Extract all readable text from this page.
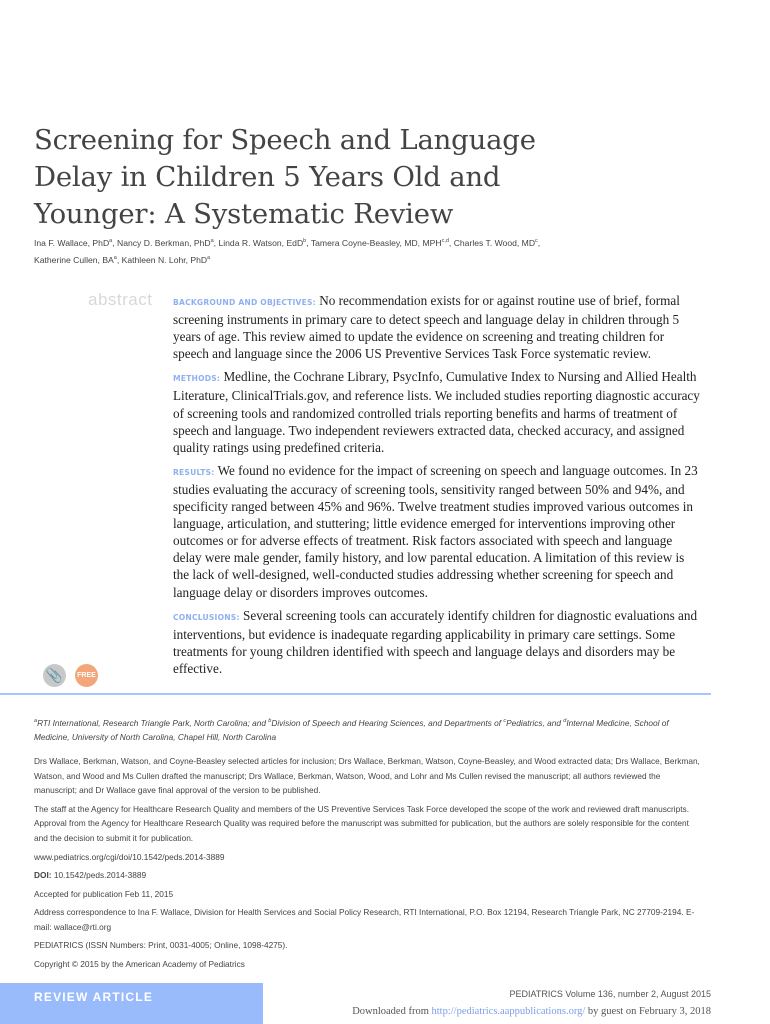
Screening for Speech and Language Delay in Children 5 Years Old and Younger: A Systematic Review
Ina F. Wallace, PhD$^a$, Nancy D. Berkman, PhD$^a$, Linda R. Watson, EdD$^b$, Tamera Coyne-Beasley, MD, MPH$^{c,d}$, Charles T. Wood, $MD^c$,
Katherine Cullen, $BA^a$, Kathleen N. Lohr, PhD$^a$
abstract	BACKGROUND AND OBJECTIVES: No recommendation exists for or against routine use of brief, formal screening instruments in primary care to detect speech and language delay in children through 5 years of age. This review aimed to update the evidence on screening and treating children for speech and language since the 2006 US Preventive Services Task Force systematic review.

METHODS: Medline, the Cochrane Library, PsycInfo, Cumulative Index to Nursing and Allied Health Literature, ClinicalTrials.gov, and reference lists. We included studies reporting diagnostic accuracy of screening tools and randomized controlled trials reporting benefits and harms of treatment of speech and language. Two independent reviewers extracted data, checked accuracy, and assigned quality ratings using predefined criteria.

RESULTS: We found no evidence for the impact of screening on speech and language outcomes. In 23 studies evaluating the accuracy of screening tools, sensitivity ranged between 50% and 94%, and specificity ranged between 45% and 96%. Twelve treatment studies improved various outcomes in language, articulation, and stuttering; little evidence emerged for interventions improving other outcomes or for adverse effects of treatment. Risk factors associated with speech and language delay were male gender, family history, and low parental education. A limitation of this review is the lack of well-designed, well-conducted studies addressing whether screening for speech and language delay or disorders improves outcomes.

CONCLUSIONS: Several screening tools can accurately identify children for diagnostic evaluations and interventions, but evidence is inadequate regarding applicability in primary care settings. Some treatments for young children identified with speech and language delays and disorders may be effective.

📎	FREE

$^a$RTI International, Research Triangle Park, North Carolina; and $^b$Division of Speech and Hearing Sciences, and Departments of $^c$Pediatrics, and $^d$Internal Medicine, School of Medicine, University of North Carolina, Chapel Hill, North Carolina

Drs Wallace, Berkman, Watson, and Coyne-Beasley selected articles for inclusion; Drs Wallace, Berkman, Watson, Coyne-Beasley, and Wood extracted data; Drs Wallace, Berkman, Watson, and Wood and Ms Cullen drafted the manuscript; Drs Wallace, Berkman, Watson, Wood, and Lohr and Ms Cullen revised the manuscript; all authors reviewed the manuscript; and Dr Wallace gave final approval of the version to be published.

The staff at the Agency for Healthcare Research Quality and members of the US Preventive Services Task Force developed the scope of the work and reviewed draft manuscripts. Approval from the Agency for Healthcare Research Quality was required before the manuscript was submitted for publication, but the authors are solely responsible for the content and the decision to submit it for publication.

www.pediatrics.org/cgi/doi/10.1542/peds.2014-3889

DOI: 10.1542/peds.2014-3889

Accepted for publication Feb 11, 2015

Address correspondence to Ina F. Wallace, Division for Health Services and Social Policy Research, RTI International, P.O. Box 12194, Research Triangle Park, NC 27709-2194. E-mail: wallace@rti.org

PEDIATRICS (ISSN Numbers: Print, 0031-4005; Online, 1098-4275).

Copyright © 2015 by the American Academy of Pediatrics

REVIEW ARTICLE	PEDIATRICS Volume 136, number 2, August 2015
Downloaded from http://pediatrics.aappublications.org/ by guest on February 3, 2018
